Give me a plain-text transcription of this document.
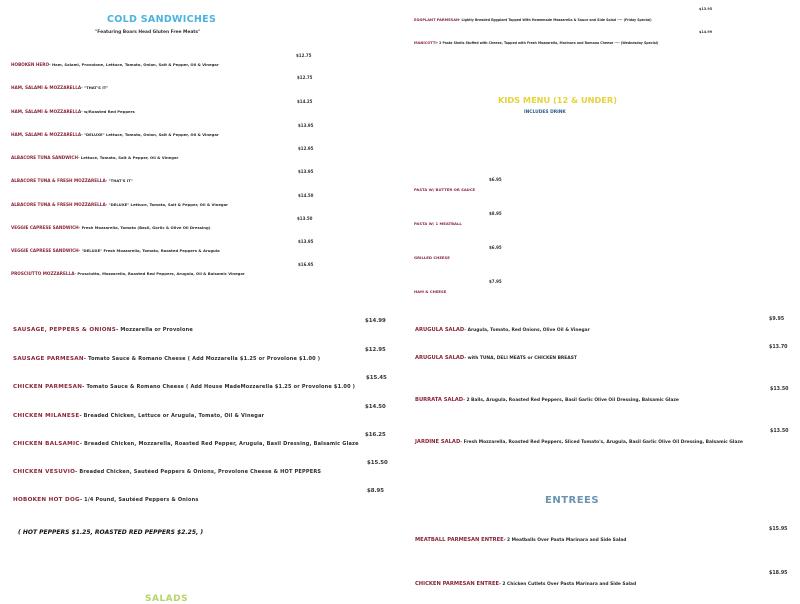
COLD SANDWICHES
"Featuring Boars Head Gluten Free Meats"
HOBOKEN HERO- Ham, Salami, Provolone, Lettuce, Tomato, Onion, Salt & Pepper, Oil & Vinegar
$12.75
HAM, SALAMI & MOZZARELLA- "THAT'S IT"
$12.75
HAM, SALAMI & MOZZARELLA- w/Roasted Red Peppers
$14.25
HAM, SALAMI & MOZZARELLA- "DELUXE" Lettuce, Tomato, Onion, Salt & Pepper, Oil & Vinegar
$13.95
ALBACORE TUNA SANDWICH- Lettuce, Tomato, Salt & Pepper, Oil & Vinegar
$12.95
ALBACORE TUNA & FRESH MOZZARELLA- "THAT'S IT"
$13.95
ALBACORE TUNA & FRESH MOZZARELLA- "DELUXE" Lettuce, Tomato, Salt & Pepper, Oil & Vinegar
$14.50
VEGGIE CAPRESE SANDWICH- Fresh Mozzarella, Tomato (Basil, Garlic & Olive Oil Dressing)
$13.50
VEGGIE CAPRESE SANDWICH- "DELUXE" Fresh Mozzarella, Tomato, Roasted Peppers & Arugula
$13.95
PROSCIUTTO MOZZARELLA- Prosciutto, Mozzarella, Roasted Red Peppers, Arugula, Oil & Balsamic Vinegar
$16.95
SAUSAGE, PEPPERS & ONIONS- Mozzarella or Provolone
$14.99
SAUSAGE PARMESAN- Tomato Sauce & Romano Cheese ( Add Mozzarella $1.25 or Provolone $1.00 )
$12.95
CHICKEN PARMESAN- Tomato Sauce & Romano Cheese ( Add House MadeMozzarella $1.25 or Provolone $1.00 )
$15.45
CHICKEN MILANESE- Breaded Chicken, Lettuce or Arugula, Tomato, Oil & Vinegar
$14.50
CHICKEN BALSAMIC- Breaded Chicken, Mozzarella, Roasted Red Pepper, Arugula, Basil Dressing, Balsamic Glaze
$16.25
CHICKEN VESUVIO- Breaded Chicken, Sautéed Peppers & Onions, Provolone Cheese & HOT PEPPERS
$15.50
HOBOKEN HOT DOG- 1/4 Pound, Sautéed Peppers & Onions
$8.95
( HOT PEPPERS $1.25, ROASTED RED PEPPERS $2.25, )
SALADS
EGGPLANT PARMESAN- Lightly Breaded Eggplant Topped With Homemade Mozzarella & Sauce and Side Salad ---- (Friday Special)
$13.95
MANICOTTI- 2 Pasta Shells Stuffed with Cheese, Topped with Fresh Mozzarella, Marinara and Romano Cheese ---- (Wednesday Special)
$14.99
KIDS MENU (12 & UNDER)
INCLUDES DRINK
PASTA W/ BUTTER OR SAUCE
$6.95
PASTA W/ 1 MEATBALL
$8.95
GRILLED CHEESE
$6.95
HAM & CHEESE
$7.95
ARUGULA SALAD- Arugula, Tomato, Red Onions, Olive Oil & Vinegar
$9.95
ARUGULA SALAD- with TUNA, DELI MEATS or CHICKEN BREAST
$13.70
BURRATA SALAD- 2 Balls, Arugula, Roasted Red Peppers, Basil Garlic Olive Oil Dressing, Balsamic Glaze
$13.50
JARDINE SALAD- Fresh Mozzarella, Roasted Red Peppers, Sliced Tomato's, Arugula, Basil Garlic Olive Oil Dressing, Balsamic Glaze
$13.50
ENTREES
MEATBALL PARMESAN ENTREE- 2 Meatballs Over Pasta Marinara and Side Salad
$15.95
CHICKEN PARMESAN ENTREE- 2 Chicken Cutlets Over Pasta Marinara and Side Salad
$18.95
